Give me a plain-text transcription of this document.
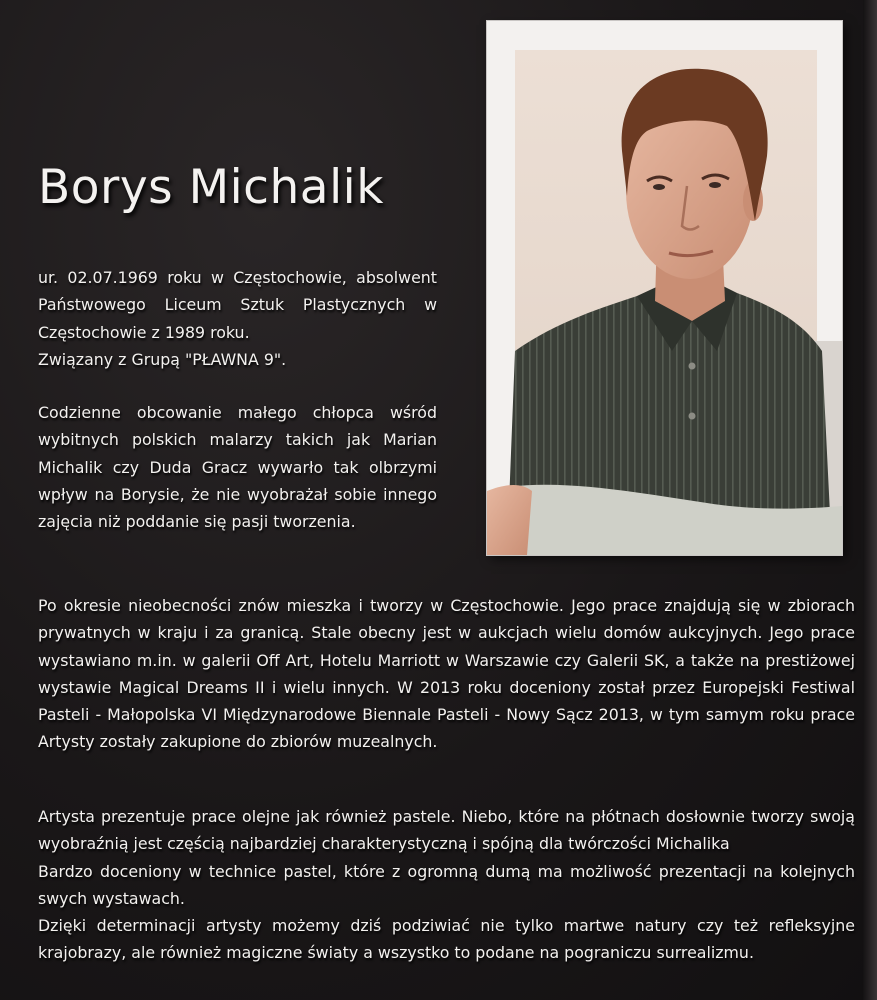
Borys Michalik

ur. 02.07.1969 roku w Częstochowie, absolwent Państwowego Liceum Sztuk Plastycznych w Częstochowie z 1989 roku.

Związany z Grupą "PŁAWNA 9".

Codzienne obcowanie małego chłopca wśród wybitnych polskich malarzy takich jak Marian Michalik czy Duda Gracz wywarło tak olbrzymi wpływ na Borysie, że nie wyobrażał sobie innego zajęcia niż poddanie się pasji tworzenia.

Po okresie nieobecności znów mieszka i tworzy w Częstochowie. Jego prace znajdują się w zbiorach prywatnych w kraju i za granicą. Stale obecny jest w aukcjach wielu domów aukcyjnych. Jego prace wystawiano m.in. w galerii Off Art, Hotelu Marriott w Warszawie czy Galerii SK, a także na prestiżowej wystawie Magical Dreams II i wielu innych. W 2013 roku doceniony został przez Europejski Festiwal Pasteli - Małopolska VI Międzynarodowe Biennale Pasteli - Nowy Sącz 2013, w tym samym roku prace Artysty zostały zakupione do zbiorów muzealnych.

Artysta prezentuje prace olejne jak również pastele. Niebo, które na płótnach dosłownie tworzy swoją wyobraźnią jest częścią najbardziej charakterystyczną i spójną dla twórczości Michalika

Bardzo doceniony w technice pastel, które z ogromną dumą ma możliwość prezentacji na kolejnych swych wystawach.

Dzięki determinacji artysty możemy dziś podziwiać nie tylko martwe natury czy też refleksyjne krajobrazy, ale również magiczne światy a wszystko to podane na pograniczu surrealizmu.
